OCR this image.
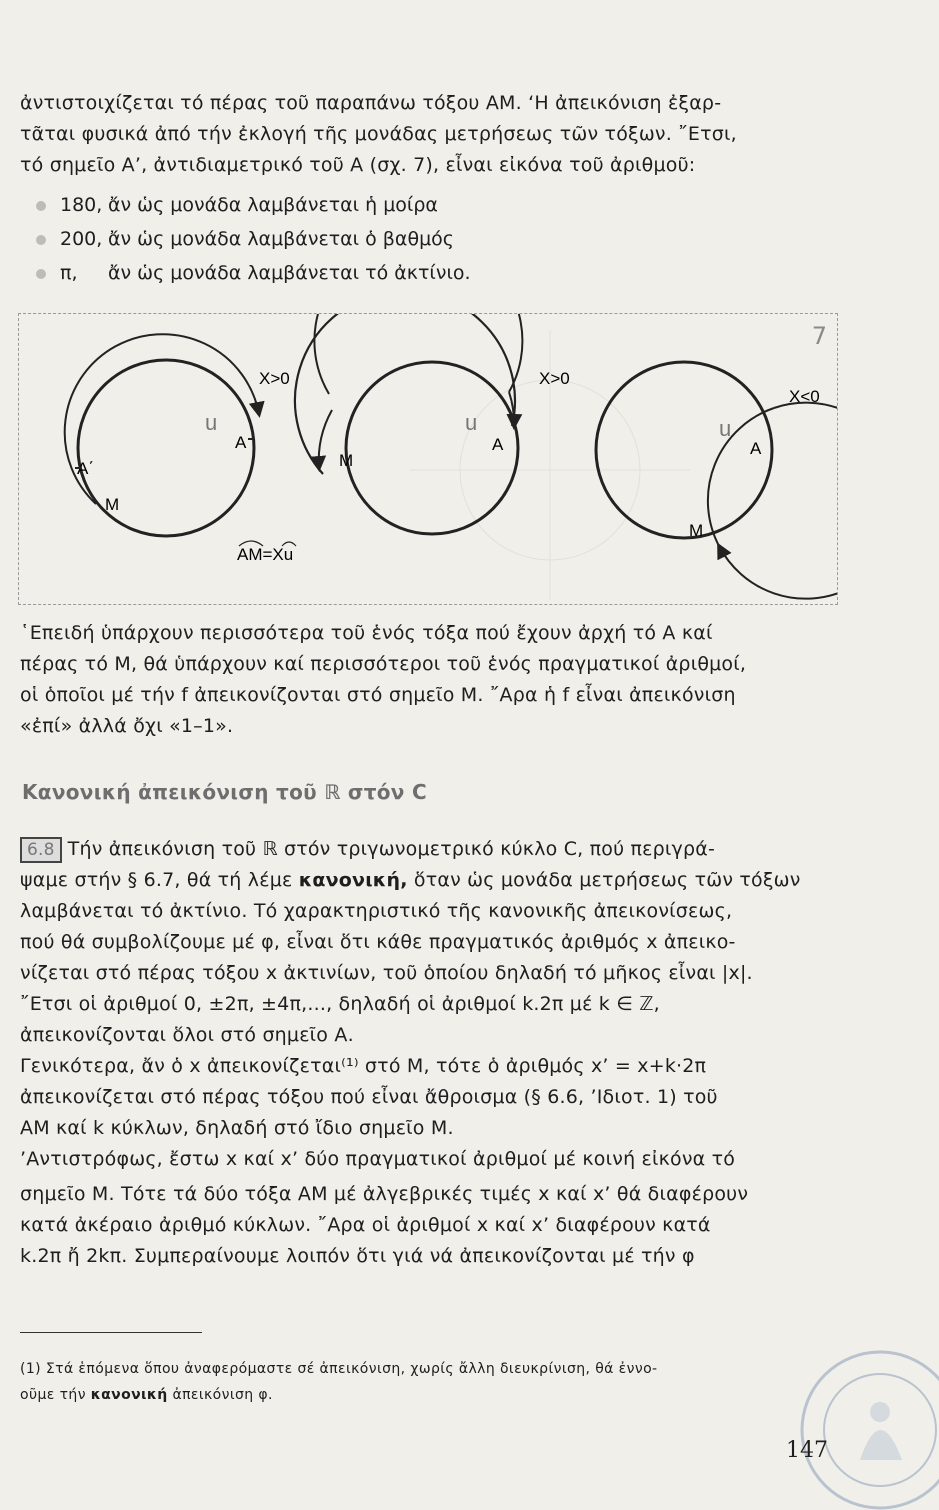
ἀντιστοιχίζεται τό πέρας τοῦ παραπάνω τόξου ΑΜ. ‘Η ἀπεικόνιση ἐξαρ-
τᾶται φυσικά ἀπό τήν ἐκλογή τῆς μονάδας μετρήσεως τῶν τόξων. ῎Ετσι,
τό σημεῖο Α’, ἀντιδιαμετρικό τοῦ Α (σχ. 7), εἶναι εἰκόνα τοῦ ἀριθμοῦ:
180, ἄν ὡς μονάδα λαμβάνεται ἡ μοίρα
200, ἄν ὡς μονάδα λαμβάνεται ὁ βαθμός
π, ἄν ὡς μονάδα λαμβάνεται τό ἀκτίνιο.
7
X>0
u
Α
Α΄
Μ
ΑΜ=Xu
X>0
u
Α
Μ
X<0
u
Α
Μ
῾Επειδή ὑπάρχουν περισσότερα τοῦ ἑνός τόξα πού ἔχουν ἀρχή τό Α καί
πέρας τό Μ, θά ὑπάρχουν καί περισσότεροι τοῦ ἑνός πραγματικοί ἀριθμοί,
οἱ ὁποῖοι μέ τήν f ἀπεικονίζονται στό σημεῖο Μ. ῎Αρα ἡ f εἶναι ἀπεικόνιση
«ἐπί» ἀλλά ὄχι «1–1».
Κανονική ἀπεικόνιση τοῦ ℝ στόν C
6.8 Τήν ἀπεικόνιση τοῦ ℝ στόν τριγωνομετρικό κύκλο C, πού περιγρά-
ψαμε στήν § 6.7, θά τή λέμε κανονική, ὅταν ὡς μονάδα μετρήσεως τῶν τόξων
λαμβάνεται τό ἀκτίνιο. Τό χαρακτηριστικό τῆς κανονικῆς ἀπεικονίσεως,
πού θά συμβολίζουμε μέ φ, εἶναι ὅτι κάθε πραγματικός ἀριθμός x ἀπεικο-
νίζεται στό πέρας τόξου x ἀκτινίων, τοῦ ὁποίου δηλαδή τό μῆκος εἶναι |x|.
῎Ετσι οἱ ἀριθμοί 0, ±2π, ±4π,..., δηλαδή οἱ ἀριθμοί k.2π μέ k ∈ ℤ,
ἀπεικονίζονται ὅλοι στό σημεῖο Α.
Γενικότερα, ἄν ὁ x ἀπεικονίζεται⁽¹⁾ στό Μ, τότε ὁ ἀριθμός x’ = x+k·2π
ἀπεικονίζεται στό πέρας τόξου πού εἶναι ἄθροισμα (§ 6.6, ’Ιδιοτ. 1) τοῦ
ΑΜ καί k κύκλων, δηλαδή στό ἴδιο σημεῖο Μ.
’Αντιστρόφως, ἔστω x καί x’ δύο πραγματικοί ἀριθμοί μέ κοινή εἰκόνα τό
σημεῖο Μ. Τότε τά δύο τόξα ΑΜ μέ ἀλγεβρικές τιμές x καί x’ θά διαφέρουν
κατά ἀκέραιο ἀριθμό κύκλων. ῎Αρα οἱ ἀριθμοί x καί x’ διαφέρουν κατά
k.2π ἤ 2kπ. Συμπεραίνουμε λοιπόν ὅτι γιά νά ἀπεικονίζονται μέ τήν φ
(1) Στά ἑπόμενα ὅπου ἀναφερόμαστε σέ ἀπεικόνιση, χωρίς ἄλλη διευκρίνιση, θά ἐννο-
οῦμε τήν κανονική ἀπεικόνιση φ.
147
